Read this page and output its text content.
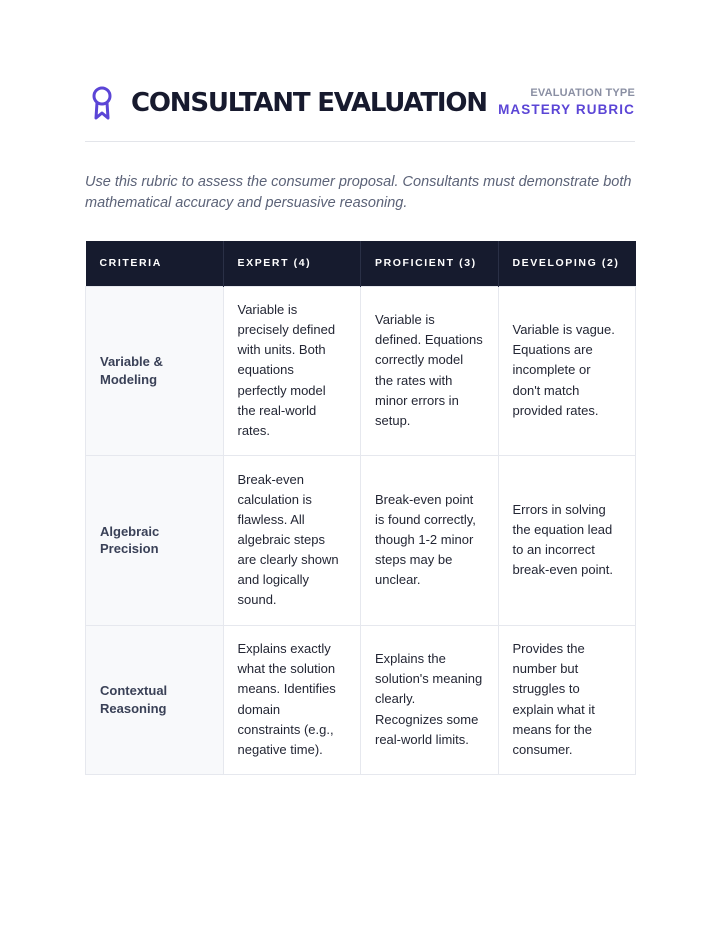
CONSULTANT EVALUATION	EVALUATION TYPE
MASTERY RUBRIC

Use this rubric to assess the consumer proposal. Consultants must demonstrate both mathematical accuracy and persuasive reasoning.

CRITERIA	EXPERT (4)	PROFICIENT (3)	DEVELOPING (2)
Variable & Modeling	Variable is precisely defined with units. Both equations perfectly model the real-world rates.	Variable is defined. Equations correctly model the rates with minor errors in setup.	Variable is vague. Equations are incomplete or don't match provided rates.
Algebraic Precision	Break-even calculation is flawless. All algebraic steps are clearly shown and logically sound.	Break-even point is found correctly, though 1-2 minor steps may be unclear.	Errors in solving the equation lead to an incorrect break-even point.
Contextual Reasoning	Explains exactly what the solution means. Identifies domain constraints (e.g., negative time).	Explains the solution's meaning clearly. Recognizes some real-world limits.	Provides the number but struggles to explain what it means for the consumer.
